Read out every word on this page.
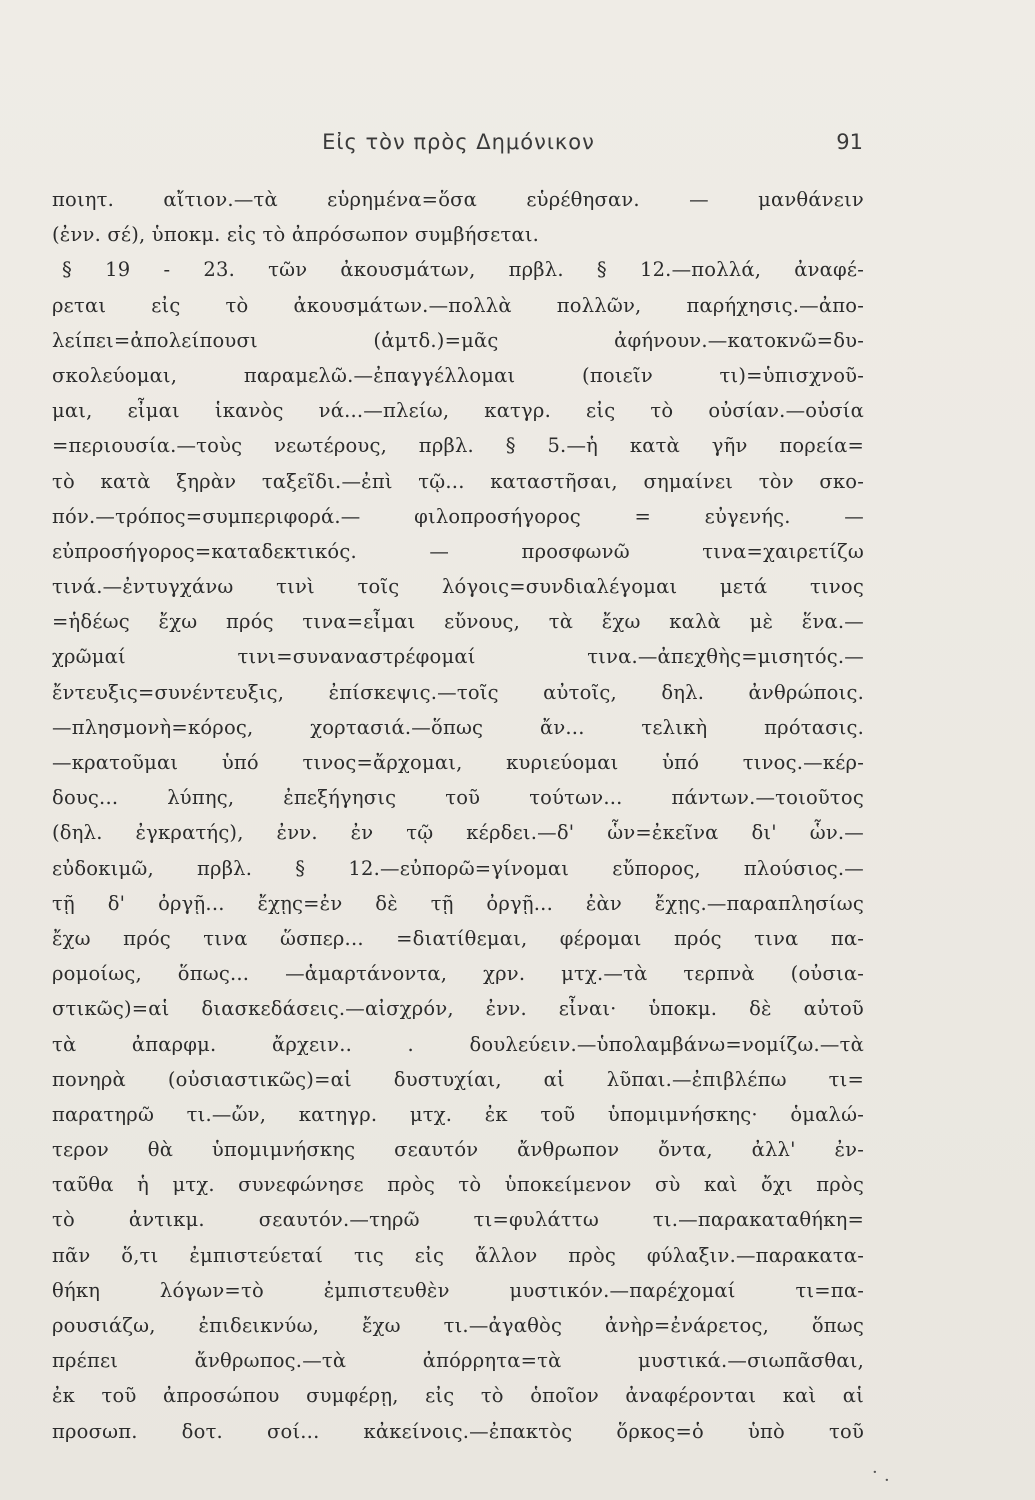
Εἰς τὸν πρὸς Δημόνικον	91
ποιητ. αἴτιον.—τὰ εὑρημένα=ὅσα εὑρέθησαν. — μανθάνειν
(ἐνν. σέ), ὑποκμ. εἰς τὸ ἀπρόσωπον συμβήσεται.
§ 19 - 23. τῶν ἀκουσμάτων, πρβλ. § 12.—πολλά, ἀναφέ-
ρεται εἰς τὸ ἀκουσμάτων.—πολλὰ πολλῶν, παρήχησις.—ἀπο-
λείπει=ἀπολείπουσι (ἀμτδ.)=μᾶς ἀφήνουν.—κατοκνῶ=δυ-
σκολεύομαι, παραμελῶ.—ἐπαγγέλλομαι (ποιεῖν τι)=ὑπισχνοῦ-
μαι, εἶμαι ἱκανὸς νά...—πλείω, κατγρ. εἰς τὸ οὐσίαν.—οὐσία
=περιουσία.—τοὺς νεωτέρους, πρβλ. § 5.—ἡ κατὰ γῆν πορεία=
τὸ κατὰ ξηρὰν ταξεῖδι.—ἐπὶ τῷ... καταστῆσαι, σημαίνει τὸν σκο-
πόν.—τρόπος=συμπεριφορά.— φιλοπροσήγορος = εὐγενής. —
εὐπροσήγορος=καταδεκτικός. — προσφωνῶ τινα=χαιρετίζω
τινά.—ἐντυγχάνω τινὶ τοῖς λόγοις=συνδιαλέγομαι μετά τινος
=ἡδέως ἔχω πρός τινα=εἶμαι εὔνους, τὰ ἔχω καλὰ μὲ ἕνα.—
χρῶμαί τινι=συναναστρέφομαί τινα.—ἀπεχθὴς=μισητός.—
ἔντευξις=συνέντευξις, ἐπίσκεψις.—τοῖς αὐτοῖς, δηλ. ἀνθρώποις.
—πλησμονὴ=κόρος, χορτασιά.—ὅπως ἄν... τελικὴ πρότασις.
—κρατοῦμαι ὑπό τινος=ἄρχομαι, κυριεύομαι ὑπό τινος.—κέρ-
δους... λύπης, ἐπεξήγησις τοῦ τούτων... πάντων.—τοιοῦτος
(δηλ. ἐγκρατής), ἐνν. ἐν τῷ κέρδει.—δ' ὧν=ἐκεῖνα δι' ὧν.—
εὐδοκιμῶ, πρβλ. § 12.—εὐπορῶ=γίνομαι εὔπορος, πλούσιος.—
τῇ δ' ὀργῇ... ἔχῃς=ἐν δὲ τῇ ὀργῇ... ἐὰν ἔχῃς.—παραπλησίως
ἔχω πρός τινα ὥσπερ... =διατίθεμαι, φέρομαι πρός τινα πα-
ρομοίως, ὅπως... —ἁμαρτάνοντα, χρν. μτχ.—τὰ τερπνὰ (οὐσια-
στικῶς)=αἱ διασκεδάσεις.—αἰσχρόν, ἐνν. εἶναι· ὑποκμ. δὲ αὐτοῦ
τὰ ἀπαρφμ. ἄρχειν.. . δουλεύειν.—ὑπολαμβάνω=νομίζω.—τὰ
πονηρὰ (οὐσιαστικῶς)=αἱ δυστυχίαι, αἱ λῦπαι.—ἐπιβλέπω τι=
παρατηρῶ τι.—ὤν, κατηγρ. μτχ. ἐκ τοῦ ὑπομιμνήσκης· ὁμαλώ-
τερον θὰ ὑπομιμνήσκης σεαυτόν ἄνθρωπον ὄντα, ἀλλ' ἐν-
ταῦθα ἡ μτχ. συνεφώνησε πρὸς τὸ ὑποκείμενον σὺ καὶ ὄχι πρὸς
τὸ ἀντικμ. σεαυτόν.—τηρῶ τι=φυλάττω τι.—παρακαταθήκη=
πᾶν ὅ,τι ἐμπιστεύεταί τις εἰς ἄλλον πρὸς φύλαξιν.—παρακατα-
θήκη λόγων=τὸ ἐμπιστευθὲν μυστικόν.—παρέχομαί τι=πα-
ρουσιάζω, ἐπιδεικνύω, ἔχω τι.—ἀγαθὸς ἀνὴρ=ἐνάρετος, ὅπως
πρέπει ἄνθρωπος.—τὰ ἀπόρρητα=τὰ μυστικά.—σιωπᾶσθαι,
ἐκ τοῦ ἀπροσώπου συμφέρῃ, εἰς τὸ ὁποῖον ἀναφέρονται καὶ αἱ
προσωπ. δοτ. σοί... κἀκείνοις.—ἐπακτὸς ὅρκος=ὁ ὑπὸ τοῦ
· ·
